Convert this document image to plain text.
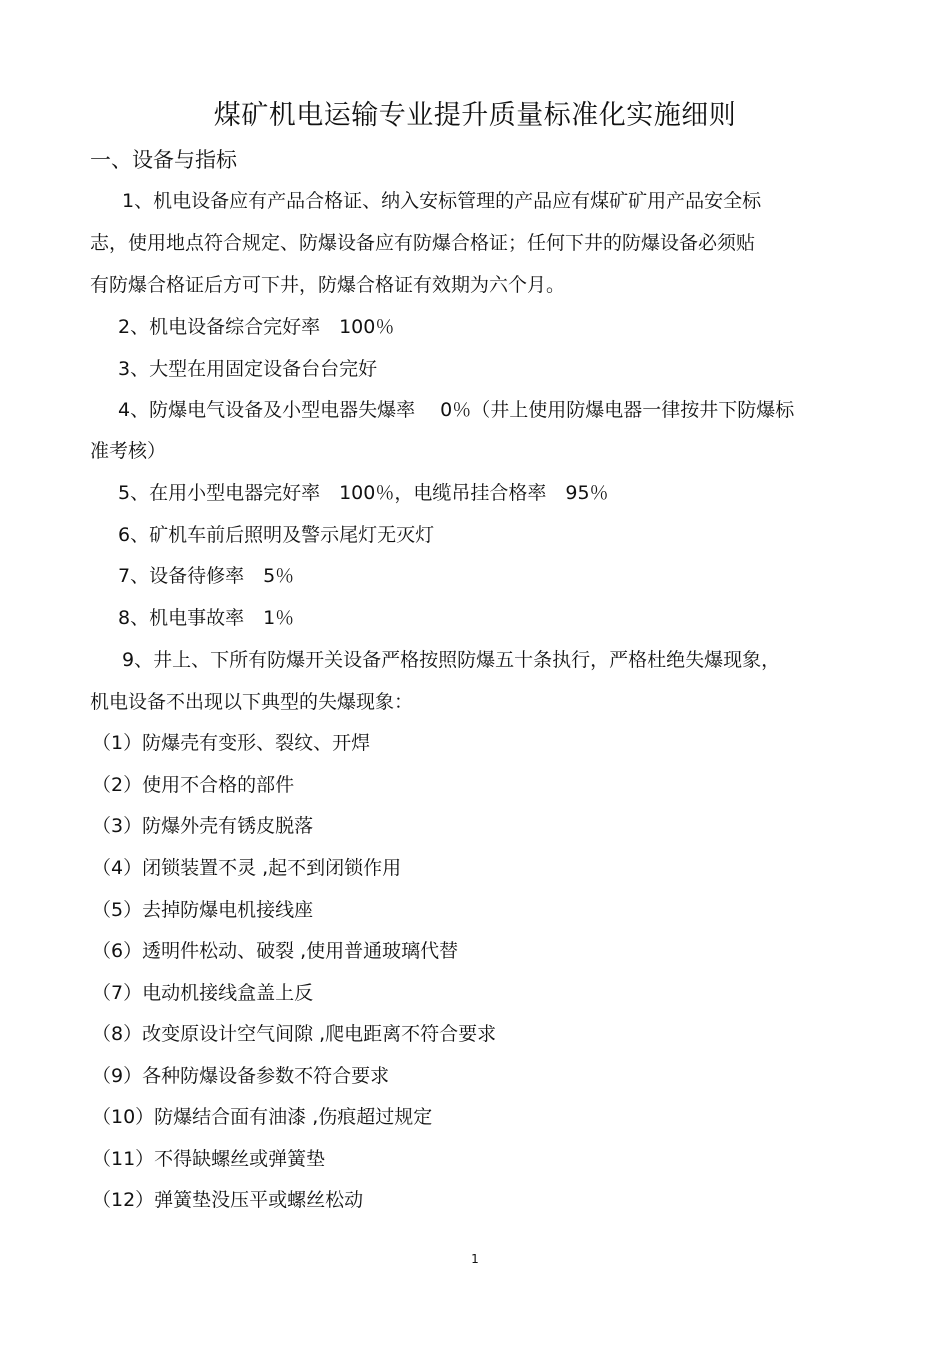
煤矿机电运输专业提升质量标准化实施细则
一、设备与指标
1、机电设备应有产品合格证、纳入安标管理的产品应有煤矿矿用产品安全标
志，使用地点符合规定、防爆设备应有防爆合格证；任何下井的防爆设备必须贴
有防爆合格证后方可下井，防爆合格证有效期为六个月。
2、机电设备综合完好率　100％
3、大型在用固定设备台台完好
4、防爆电气设备及小型电器失爆率　 0％（井上使用防爆电器一律按井下防爆标
准考核）
5、在用小型电器完好率　100％，电缆吊挂合格率　95％
6、矿机车前后照明及警示尾灯无灭灯
7、设备待修率　5％
8、机电事故率　1％
9、井上、下所有防爆开关设备严格按照防爆五十条执行，严格杜绝失爆现象，
机电设备不出现以下典型的失爆现象：
（1）防爆壳有变形、裂纹、开焊
（2）使用不合格的部件
（3）防爆外壳有锈皮脱落
（4）闭锁装置不灵 ,起不到闭锁作用
（5）去掉防爆电机接线座
（6）透明件松动、破裂 ,使用普通玻璃代替
（7）电动机接线盒盖上反
（8）改变原设计空气间隙 ,爬电距离不符合要求
（9）各种防爆设备参数不符合要求
（10）防爆结合面有油漆 ,伤痕超过规定
（11）不得缺螺丝或弹簧垫
（12）弹簧垫没压平或螺丝松动
1
